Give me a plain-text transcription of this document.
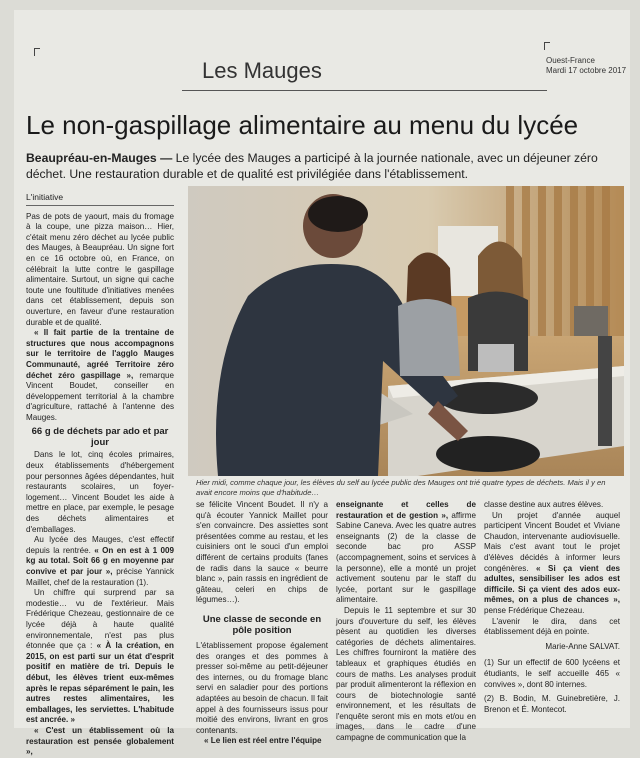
Les Mauges	Ouest-France
Mardi 17 octobre 2017
Le non-gaspillage alimentaire au menu du lycée
Beaupréau-en-Mauges — Le lycée des Mauges a participé à la journée nationale, avec un déjeuner zéro déchet. Une restauration durable et de qualité est privilégiée dans l'établissement.
L'initiative

Pas de pots de yaourt, mais du fromage à la coupe, une pizza maison… Hier, c'était menu zéro déchet au lycée public des Mauges, à Beaupréau. Un signe fort en ce 16 octobre où, en France, on célébrait la lutte contre le gaspillage alimentaire. Surtout, un signe qui cache toute une foultitude d'initiatives menées dans cet établissement, depuis son ouverture, en faveur d'une restauration durable et de qualité.

« Il fait partie de la trentaine de structures que nous accompagnons sur le territoire de l'agglo Mauges Communauté, agréé Territoire zéro déchet zéro gaspillage », remarque Vincent Boudet, conseiller en développement territorial à la chambre d'agriculture, rattaché à l'antenne des Mauges.

66 g de déchets par ado et par jour

Dans le lot, cinq écoles primaires, deux établissements d'hébergement pour personnes âgées dépendantes, huit restaurants scolaires, un foyer-logement… Vincent Boudet les aide à mettre en place, par exemple, le pesage des déchets alimentaires et d'emballages.

Au lycée des Mauges, c'est effectif depuis la rentrée. « On en est à 1 009 kg au total. Soit 66 g en moyenne par convive et par jour », précise Yannick Maillet, chef de la restauration (1).

Un chiffre qui surprend par sa modestie… vu de l'extérieur. Mais Frédérique Chezeau, gestionnaire de ce lycée déjà à haute qualité environnementale, n'est pas plus étonnée que ça : « À la création, en 2015, on est parti sur un état d'esprit positif en matière de tri. Depuis le début, les élèves trient eux-mêmes après le repas séparément le pain, les autres restes alimentaires, les emballages, les serviettes. L'habitude est ancrée. »

« C'est un établissement où la restauration est pensée globalement »,

Hier midi, comme chaque jour, les élèves du self au lycée public des Mauges ont trié quatre types de déchets. Mais il y en avait encore moins que d'habitude…

se félicite Vincent Boudet. Il n'y a qu'à écouter Yannick Maillet pour s'en convaincre. Des assiettes sont présentées comme au restau, et les cuisiniers ont le souci d'un emploi différent de certains produits (fanes de radis dans la sauce « beurre blanc », pain rassis en ingrédient de gâteau, celeri en chips de légumes…).

Une classe de seconde en pôle position

L'établissement propose également des oranges et des pommes à presser soi-même au petit-déjeuner des internes, ou du fromage blanc servi en saladier pour des portions adaptées au besoin de chacun. Il fait appel à des fournisseurs issus pour moitié des environs, livrant en gros contenants.

« Le lien est réel entre l'équipe

enseignante et celles de restauration et de gestion », affirme Sabine Caneva. Avec les quatre autres enseignants (2) de la classe de seconde bac pro ASSP (accompagnement, soins et services à la personne), elle a monté un projet activement soutenu par le staff du lycée, portant sur le gaspillage alimentaire.

Depuis le 11 septembre et sur 30 jours d'ouverture du self, les élèves pèsent au quotidien les diverses catégories de déchets alimentaires. Les chiffres fourniront la matière des tableaux et graphiques étudiés en cours de maths. Les analyses produit par produit alimenteront la réflexion en cours de biotechnologie santé environnement, et les résultats de l'enquête seront mis en mots et/ou en images, dans le cadre d'une campagne de communication que la

classe destine aux autres élèves.

Un projet d'année auquel participent Vincent Boudet et Viviane Chaudon, intervenante audiovisuelle. Mais c'est avant tout le projet d'élèves décidés à informer leurs congénères. « Si ça vient des adultes, sensibiliser les ados est difficile. Si ça vient des ados eux-mêmes, on a plus de chances », pense Frédérique Chezeau.

L'avenir le dira, dans cet établissement déjà en pointe.

Marie-Anne SALVAT.

(1) Sur un effectif de 600 lycéens et étudiants, le self accueille 465 « convives », dont 80 internes.

(2) B. Bodin, M. Guinebretière, J. Brenon et É. Montecot.
